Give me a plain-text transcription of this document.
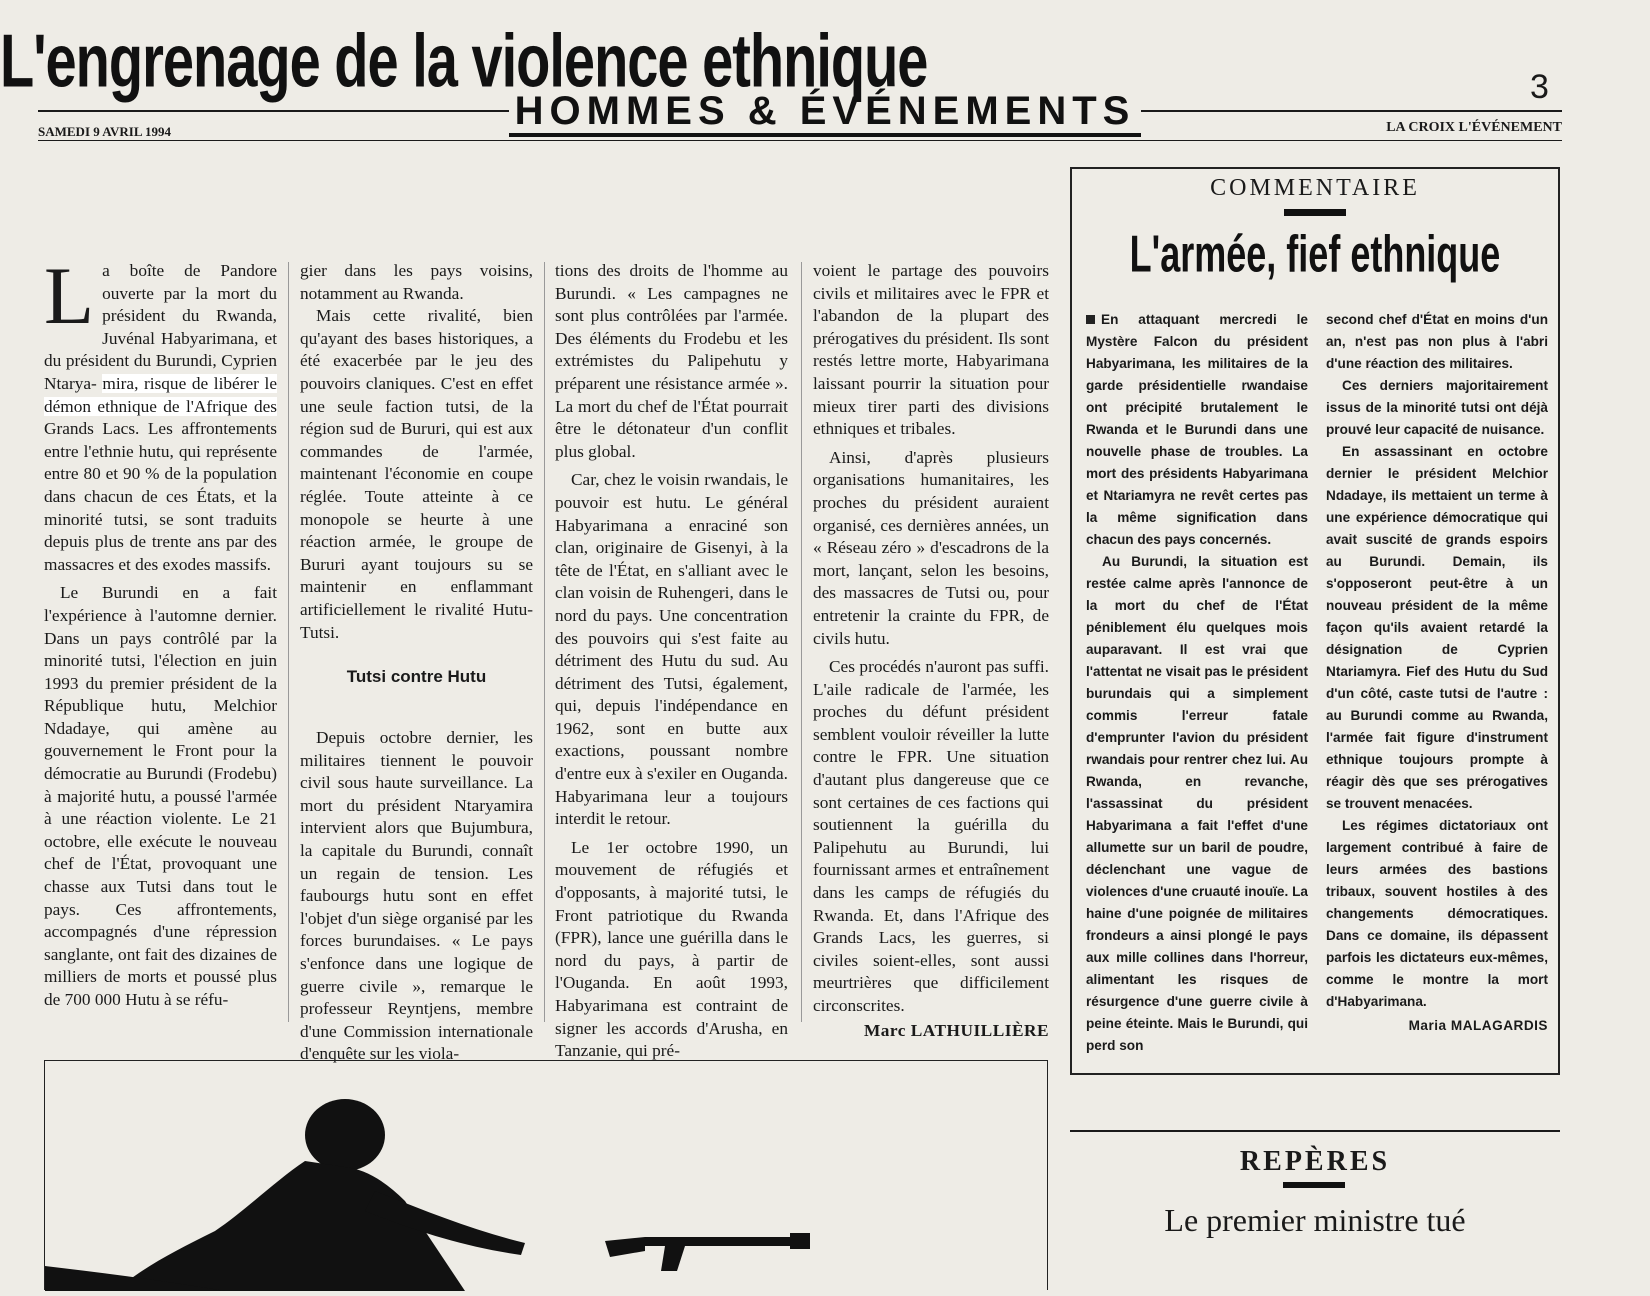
HOMMES & ÉVÉNEMENTS
3
SAMEDI 9 AVRIL 1994	LA CROIX L'ÉVÉNEMENT
L'engrenage de la violence ethnique

La boîte de Pandore ouverte par la mort du président du Rwanda, Juvénal Habyarimana, et du président du Burundi, Cyprien Ntarya- mira, risque de libérer le démon ethnique de l'Afrique des Grands Lacs. Les affrontements entre l'ethnie hutu, qui représente entre 80 et 90 % de la population dans chacun de ces États, et la minorité tutsi, se sont traduits depuis plus de trente ans par des massacres et des exodes massifs.

Le Burundi en a fait l'expérience à l'automne dernier. Dans un pays contrôlé par la minorité tutsi, l'élection en juin 1993 du premier président de la République hutu, Melchior Ndadaye, qui amène au gouvernement le Front pour la démocratie au Burundi (Frodebu) à majorité hutu, a poussé l'armée à une réaction violente. Le 21 octobre, elle exécute le nouveau chef de l'État, provoquant une chasse aux Tutsi dans tout le pays. Ces affrontements, accompagnés d'une répression sanglante, ont fait des dizaines de milliers de morts et poussé plus de 700 000 Hutu à se réfu-

gier dans les pays voisins, notamment au Rwanda.

Mais cette rivalité, bien qu'ayant des bases historiques, a été exacerbée par le jeu des pouvoirs claniques. C'est en effet une seule faction tutsi, de la région sud de Bururi, qui est aux commandes de l'armée, maintenant l'économie en coupe réglée. Toute atteinte à ce monopole se heurte à une réaction armée, le groupe de Bururi ayant toujours su se maintenir en enflammant artificiellement le rivalité Hutu-Tutsi.

Tutsi contre Hutu

Depuis octobre dernier, les militaires tiennent le pouvoir civil sous haute surveillance. La mort du président Ntaryamira intervient alors que Bujumbura, la capitale du Burundi, connaît un regain de tension. Les faubourgs hutu sont en effet l'objet d'un siège organisé par les forces burundaises. « Le pays s'enfonce dans une logique de guerre civile », remarque le professeur Reyntjens, membre d'une Commission internationale d'enquête sur les viola-

tions des droits de l'homme au Burundi. « Les campagnes ne sont plus contrôlées par l'armée. Des éléments du Frodebu et les extrémistes du Palipehutu y préparent une résistance armée ». La mort du chef de l'État pourrait être le détonateur d'un conflit plus global.

Car, chez le voisin rwandais, le pouvoir est hutu. Le général Habyarimana a enraciné son clan, originaire de Gisenyi, à la tête de l'État, en s'alliant avec le clan voisin de Ruhengeri, dans le nord du pays. Une concentration des pouvoirs qui s'est faite au détriment des Hutu du sud. Au détriment des Tutsi, également, qui, depuis l'indépendance en 1962, sont en butte aux exactions, poussant nombre d'entre eux à s'exiler en Ouganda. Habyarimana leur a toujours interdit le retour.

Le 1er octobre 1990, un mouvement de réfugiés et d'opposants, à majorité tutsi, le Front patriotique du Rwanda (FPR), lance une guérilla dans le nord du pays, à partir de l'Ouganda. En août 1993, Habyarimana est contraint de signer les accords d'Arusha, en Tanzanie, qui pré-

voient le partage des pouvoirs civils et militaires avec le FPR et l'abandon de la plupart des prérogatives du président. Ils sont restés lettre morte, Habyarimana laissant pourrir la situation pour mieux tirer parti des divisions ethniques et tribales.

Ainsi, d'après plusieurs organisations humanitaires, les proches du président auraient organisé, ces dernières années, un « Réseau zéro » d'escadrons de la mort, lançant, selon les besoins, des massacres de Tutsi ou, pour entretenir la crainte du FPR, de civils hutu.

Ces procédés n'auront pas suffi. L'aile radicale de l'armée, les proches du défunt président semblent vouloir réveiller la lutte contre le FPR. Une situation d'autant plus dangereuse que ce sont certaines de ces factions qui soutiennent la guérilla du Palipehutu au Burundi, lui fournissant armes et entraînement dans les camps de réfugiés du Rwanda. Et, dans l'Afrique des Grands Lacs, les guerres, si civiles soient-elles, sont aussi meurtrières que difficilement circonscrites.

Marc LATHUILLIÈRE
COMMENTAIRE
L'armée, fief ethnique

En attaquant mercredi le Mystère Falcon du président Habyarimana, les militaires de la garde présidentielle rwandaise ont précipité brutalement le Rwanda et le Burundi dans une nouvelle phase de troubles. La mort des présidents Habyarimana et Ntariamyra ne revêt certes pas la même signification dans chacun des pays concernés.

Au Burundi, la situation est restée calme après l'annonce de la mort du chef de l'État péniblement élu quelques mois auparavant. Il est vrai que l'attentat ne visait pas le président burundais qui a simplement commis l'erreur fatale d'emprunter l'avion du président rwandais pour rentrer chez lui. Au Rwanda, en revanche, l'assassinat du président Habyarimana a fait l'effet d'une allumette sur un baril de poudre, déclenchant une vague de violences d'une cruauté inouïe. La haine d'une poignée de militaires frondeurs a ainsi plongé le pays aux mille collines dans l'horreur, alimentant les risques de résurgence d'une guerre civile à peine éteinte. Mais le Burundi, qui perd son

second chef d'État en moins d'un an, n'est pas non plus à l'abri d'une réaction des militaires.

Ces derniers majoritairement issus de la minorité tutsi ont déjà prouvé leur capacité de nuisance.

En assassinant en octobre dernier le président Melchior Ndadaye, ils mettaient un terme à une expérience démocratique qui avait suscité de grands espoirs au Burundi. Demain, ils s'opposeront peut-être à un nouveau président de la même façon qu'ils avaient retardé la désignation de Cyprien Ntariamyra. Fief des Hutu du Sud d'un côté, caste tutsi de l'autre : au Burundi comme au Rwanda, l'armée fait figure d'instrument ethnique toujours prompte à réagir dès que ses prérogatives se trouvent menacées.

Les régimes dictatoriaux ont largement contribué à faire de leurs armées des bastions tribaux, souvent hostiles à des changements démocratiques. Dans ce domaine, ils dépassent parfois les dictateurs eux-mêmes, comme le montre la mort d'Habyarimana.

Maria MALAGARDIS
REPÈRES
Le premier ministre tué
